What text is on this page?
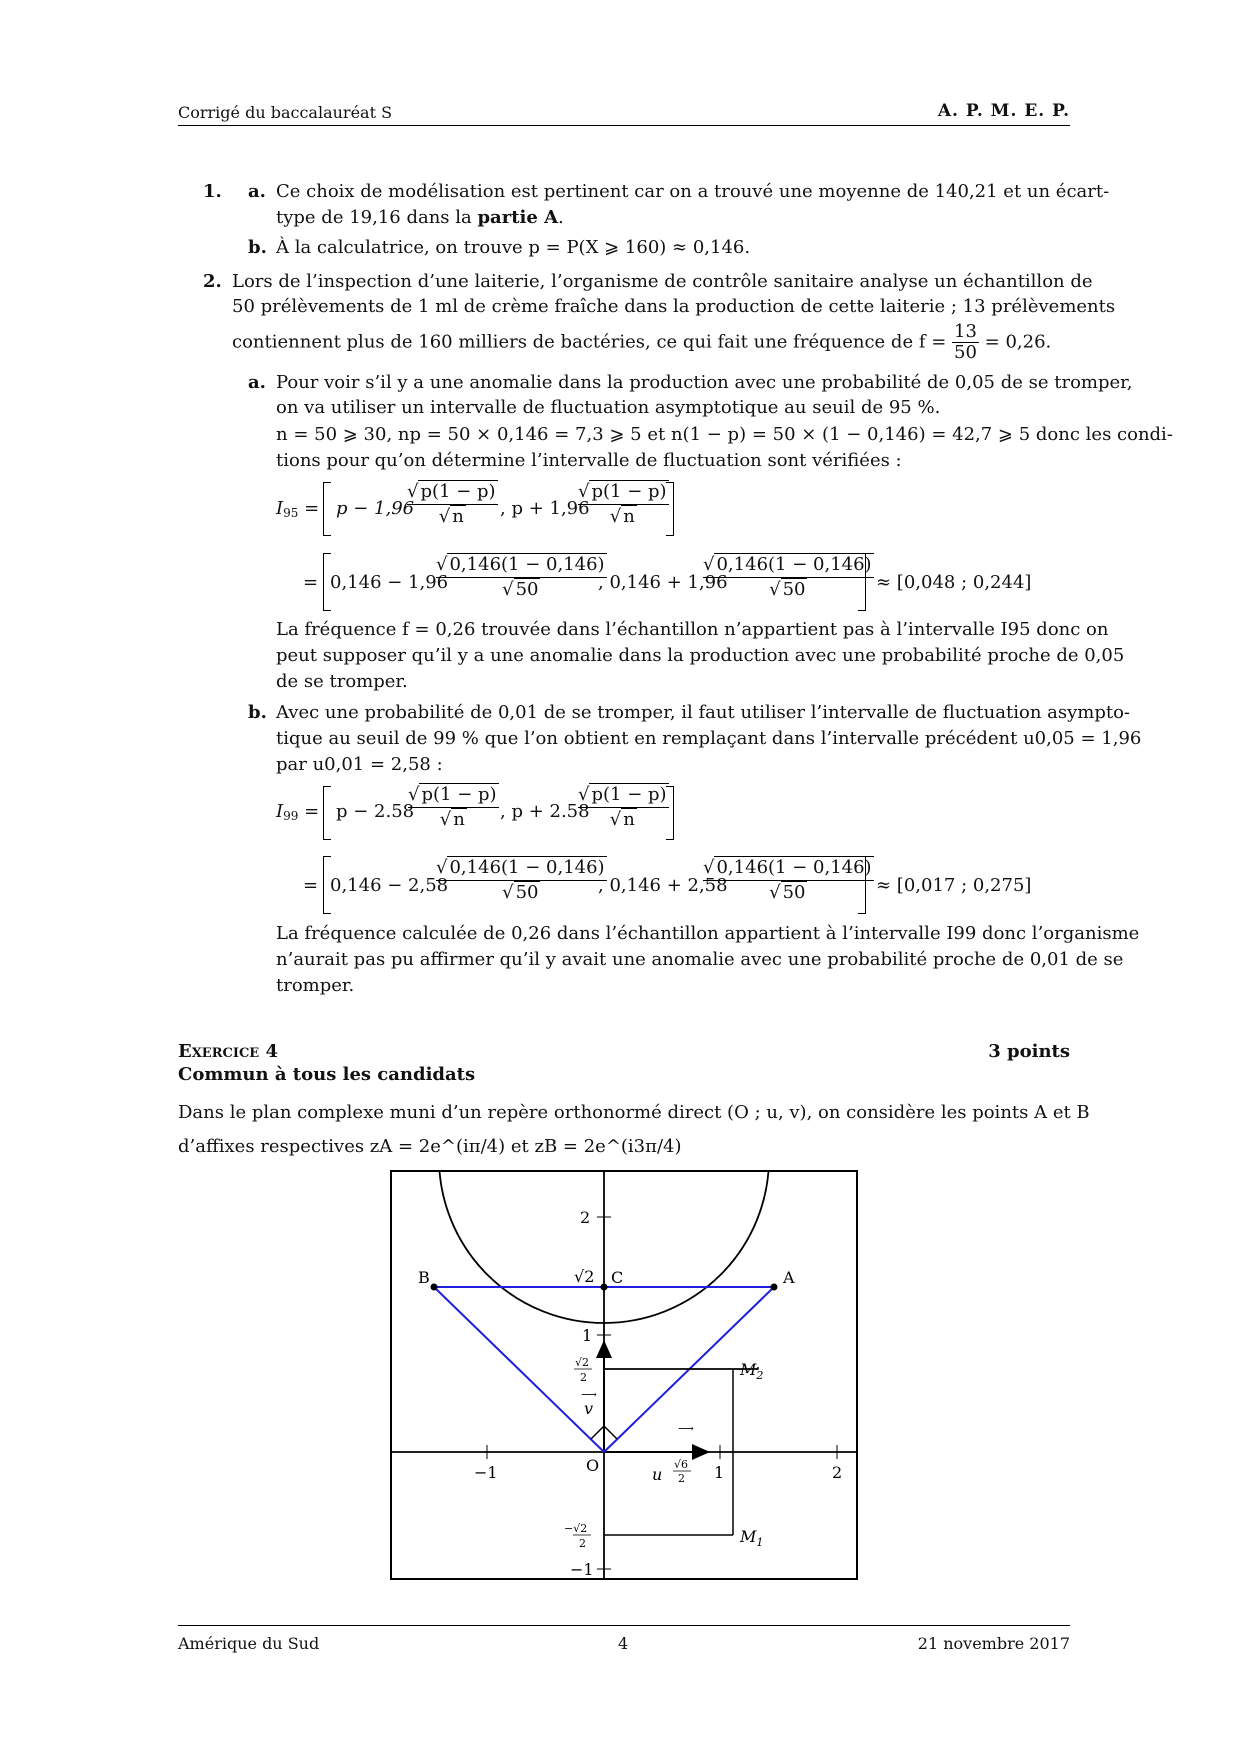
Corrigé du baccalauréat S	A. P. M. E. P.
1. a. Ce choix de modélisation est pertinent car on a trouvé une moyenne de 140,21 et un écart-
type de 19,16 dans la partie A.
b. À la calculatrice, on trouve p = P(X ⩾ 160) ≈ 0,146.
2. Lors de l’inspection d’une laiterie, l’organisme de contrôle sanitaire analyse un échantillon de
50 prélèvements de 1 ml de crème fraîche dans la production de cette laiterie ; 13 prélèvements
contiennent plus de 160 milliers de bactéries, ce qui fait une fréquence de $f = \frac{13}{50} = 0,26$.
a. Pour voir s’il y a une anomalie dans la production avec une probabilité de 0,05 de se tromper,
on va utiliser un intervalle de fluctuation asymptotique au seuil de 95 %.
n = 50 ⩾ 30, np = 50 × 0,146 = 7,3 ⩾ 5 et n(1 − p) = 50 × (1 − 0,146) = 42,7 ⩾ 5 donc les condi-
tions pour qu’on détermine l’intervalle de fluctuation sont vérifiées :
$I_{95} = p - 1,96$
√ p(1 − p)
√ n	, p + 1,96
√ p(1 − p)
√ n
= 0,146 − 1,96
√ 0,146(1 − 0,146)
√ 50	, 0,146 + 1,96
√ 0,146(1 − 0,146)
√ 50	≈ [0,048 ; 0,244]
La fréquence f = 0,26 trouvée dans l’échantillon n’appartient pas à l’intervalle I95 donc on
peut supposer qu’il y a une anomalie dans la production avec une probabilité proche de 0,05
de se tromper.
b. Avec une probabilité de 0,01 de se tromper, il faut utiliser l’intervalle de fluctuation asympto-
tique au seuil de 99 % que l’on obtient en remplaçant dans l’intervalle précédent u0,05 = 1,96
par u0,01 = 2,58 :
$I_{99} = p - 2.58$
√ p(1 − p)
√ n	, p + 2.58
√ p(1 − p)
√ n
= 0,146 − 2,58
√ 0,146(1 − 0,146)
√ 50	, 0,146 + 2,58
√ 0,146(1 − 0,146)
√ 50	≈ [0,017 ; 0,275]
La fréquence calculée de 0,26 dans l’échantillon appartient à l’intervalle I99 donc l’organisme
n’aurait pas pu affirmer qu’il y avait une anomalie avec une probabilité proche de 0,01 de se
tromper.
Exercice 4	3 points
Commun à tous les candidats
Dans le plan complexe muni d’un repère orthonormé direct (O ; u, v), on considère les points A et B
d’affixes respectives zA = 2e^(iπ/4) et zB = 2e^(i3π/4)
B	A
C
√2
O
2
1
−1
−1	1	2
u
v
⟶
⟶
$M_2$
$M_1$
√2
2
−√2
2
√6
2
Amérique du Sud	4	21 novembre 2017
